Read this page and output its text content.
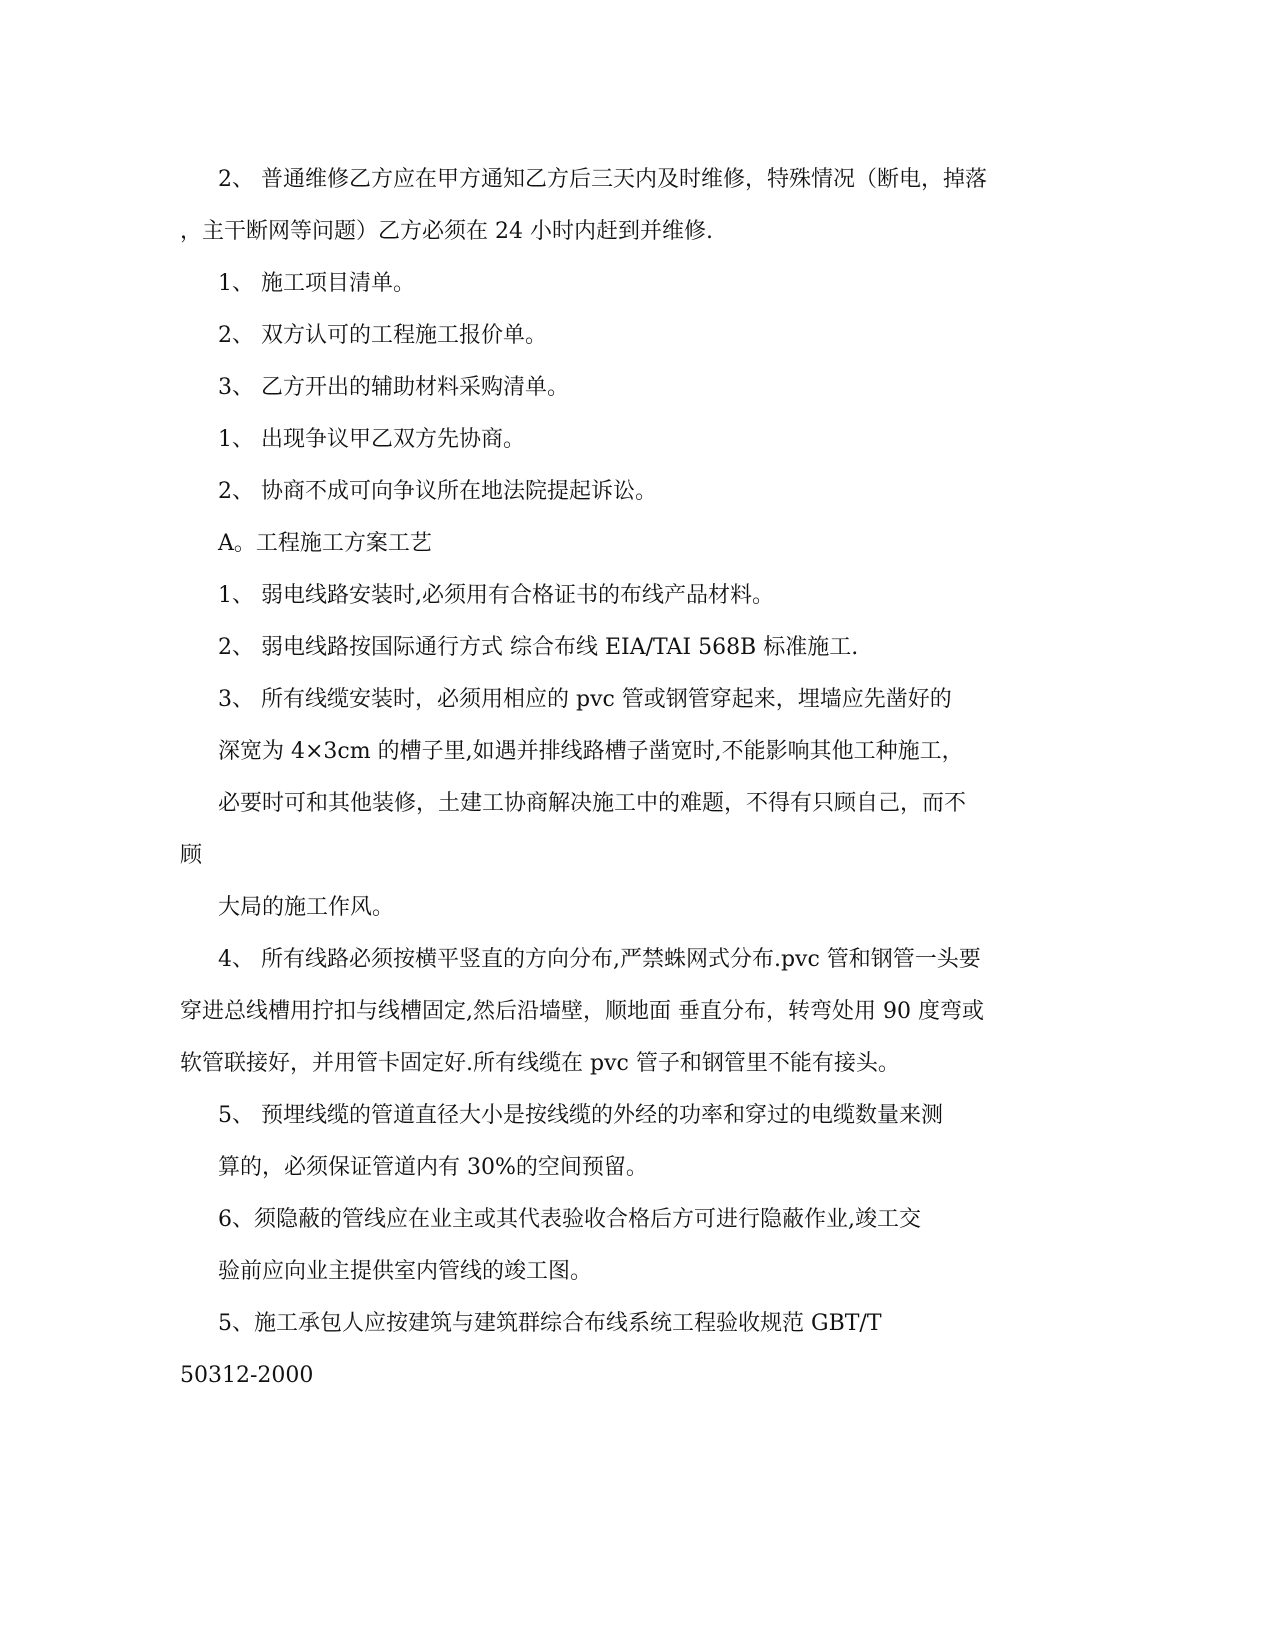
2、 普通维修乙方应在甲方通知乙方后三天内及时维修，特殊情况（断电，掉落
，主干断网等问题）乙方必须在 24 小时内赶到并维修.
1、 施工项目清单。
2、 双方认可的工程施工报价单。
3、 乙方开出的辅助材料采购清单。
1、 出现争议甲乙双方先协商。
2、 协商不成可向争议所在地法院提起诉讼。
A。工程施工方案工艺
1、 弱电线路安装时,必须用有合格证书的布线产品材料。
2、 弱电线路按国际通行方式 综合布线 EIA/TAI 568B 标准施工.
3、 所有线缆安装时，必须用相应的 pvc 管或钢管穿起来，埋墙应先凿好的
深宽为 4×3cm 的槽子里,如遇并排线路槽子凿宽时,不能影响其他工种施工，
必要时可和其他装修，土建工协商解决施工中的难题，不得有只顾自己，而不
顾
大局的施工作风。
4、 所有线路必须按横平竖直的方向分布,严禁蛛网式分布.pvc 管和钢管一头要
穿进总线槽用拧扣与线槽固定,然后沿墙壁，顺地面 垂直分布，转弯处用 90 度弯或
软管联接好，并用管卡固定好.所有线缆在 pvc 管子和钢管里不能有接头。
5、 预埋线缆的管道直径大小是按线缆的外经的功率和穿过的电缆数量来测
算的，必须保证管道内有 30%的空间预留。
6、须隐蔽的管线应在业主或其代表验收合格后方可进行隐蔽作业,竣工交
验前应向业主提供室内管线的竣工图。
5、施工承包人应按建筑与建筑群综合布线系统工程验收规范 GBT/T
50312-2000
